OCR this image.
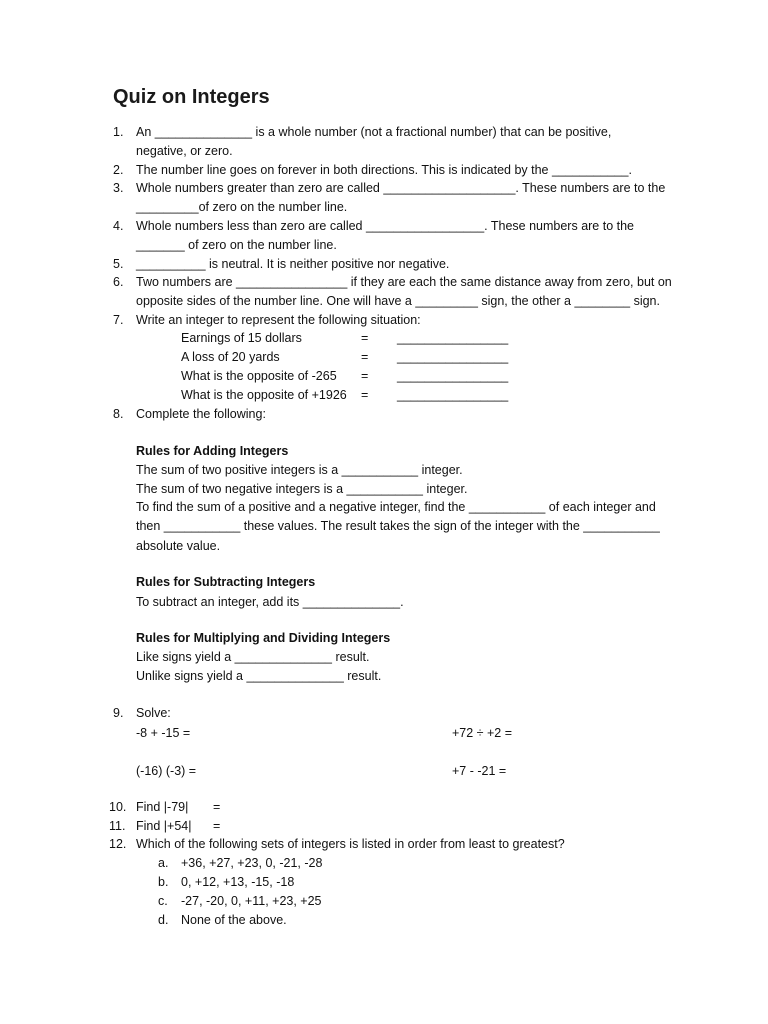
Quiz on Integers
1. An ______________ is a whole number (not a fractional number) that can be positive,
negative, or zero.
2. The number line goes on forever in both directions. This is indicated by the ___________.
3. Whole numbers greater than zero are called ___________________. These numbers are to the
_________of zero on the number line.
4. Whole numbers less than zero are called _________________. These numbers are to the
_______ of zero on the number line.
5. __________ is neutral. It is neither positive nor negative.
6. Two numbers are ________________ if they are each the same distance away from zero, but on
opposite sides of the number line. One will have a _________ sign, the other a ________ sign.
7. Write an integer to represent the following situation:
Earnings of 15 dollars	= ________________
A loss of 20 yards	= ________________
What is the opposite of -265 = ________________
What is the opposite of +1926 = ________________
8. Complete the following:
Rules for Adding Integers
The sum of two positive integers is a ___________ integer.
The sum of two negative integers is a ___________ integer.
To find the sum of a positive and a negative integer, find the ___________ of each integer and
then ___________ these values. The result takes the sign of the integer with the ___________
absolute value.
Rules for Subtracting Integers
To subtract an integer, add its ______________.
Rules for Multiplying and Dividing Integers
Like signs yield a ______________ result.
Unlike signs yield a ______________ result.
9. Solve:
-8 + -15 =	+72 ÷ +2 =
(-16) (-3) =	+7 - -21 =
10. Find |-79| =
11. Find |+54| =
12. Which of the following sets of integers is listed in order from least to greatest?
a. +36, +27, +23, 0, -21, -28
b. 0, +12, +13, -15, -18
c. -27, -20, 0, +11, +23, +25
d. None of the above.
